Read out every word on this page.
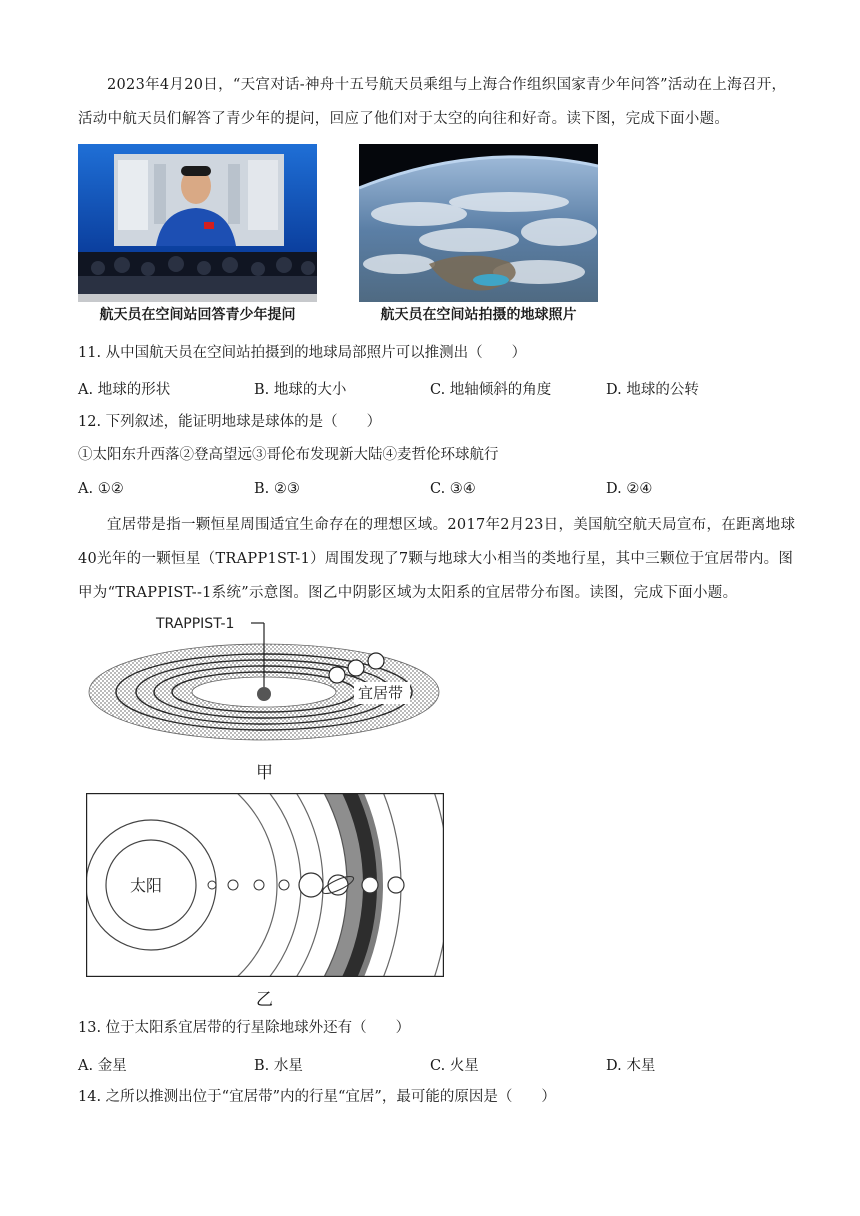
2023年4月20日，“天宫对话-神舟十五号航天员乘组与上海合作组织国家青少年问答”活动在上海召开，活动中航天员们解答了青少年的提问，回应了他们对于太空的向往和好奇。读下图，完成下面小题。
航天员在空间站回答青少年提问	航天员在空间站拍摄的地球照片
11. 从中国航天员在空间站拍摄到的地球局部照片可以推测出（　　）
A. 地球的形状	B. 地球的大小	C. 地轴倾斜的角度	D. 地球的公转
12. 下列叙述，能证明地球是球体的是（　　）
①太阳东升西落②登高望远③哥伦布发现新大陆④麦哲伦环球航行
A. ①②	B. ②③	C. ③④	D. ②④
宜居带是指一颗恒星周围适宜生命存在的理想区域。2017年2月23日，美国航空航天局宣布，在距离地球40光年的一颗恒星（TRAPP1ST-1）周围发现了7颗与地球大小相当的类地行星，其中三颗位于宜居带内。图甲为“TRAPPIST--1系统”示意图。图乙中阴影区域为太阳系的宜居带分布图。读图，完成下面小题。
TRAPPIST-1
宜居带
甲
太阳
宜
居
带
乙
13. 位于太阳系宜居带的行星除地球外还有（　　）
A. 金星	B. 水星	C. 火星	D. 木星
14. 之所以推测出位于“宜居带”内的行星“宜居”，最可能的原因是（　　）
